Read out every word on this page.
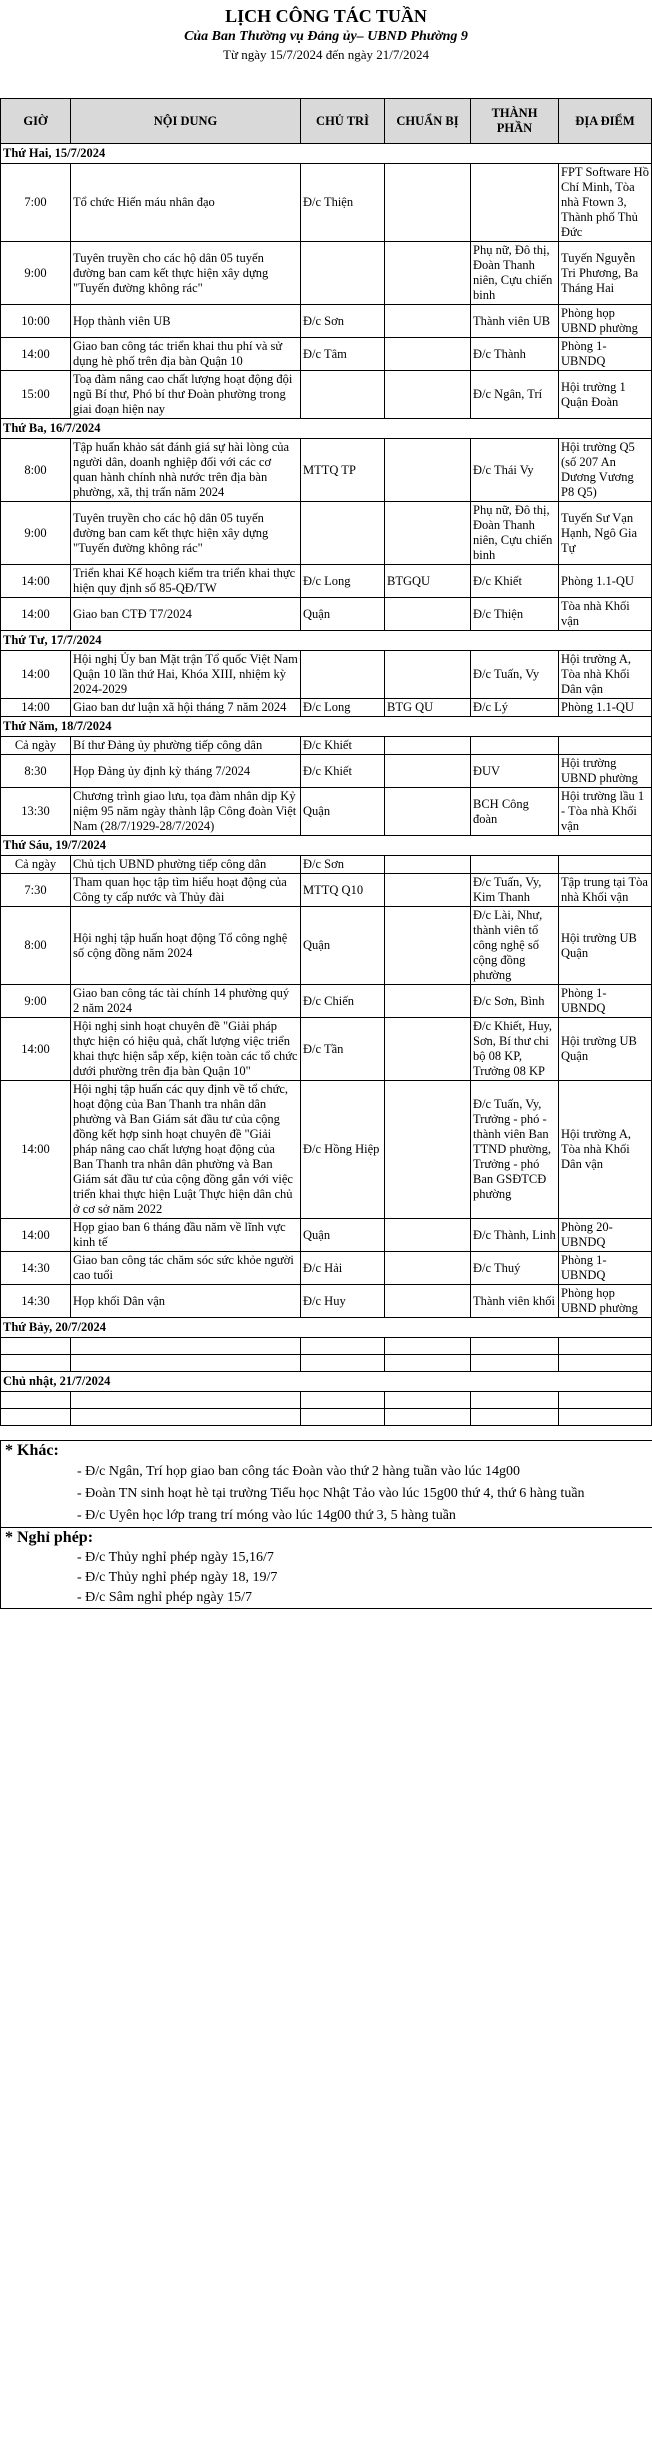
LỊCH CÔNG TÁC TUẦN
Của Ban Thường vụ Đảng ủy– UBND Phường 9
Từ ngày 15/7/2024 đến ngày 21/7/2024
GIỜ	NỘI DUNG	CHỦ TRÌ	CHUẨN BỊ	THÀNH PHẦN	ĐỊA ĐIỂM
Thứ Hai, 15/7/2024					
7:00	Tổ chức Hiến máu nhân đạo	Đ/c Thiện			FPT Software Hồ Chí Minh, Tòa nhà Ftown 3, Thành phố Thủ Đức
9:00	Tuyên truyền cho các hộ dân 05 tuyến đường ban cam kết thực hiện xây dựng "Tuyến đường không rác"			Phụ nữ, Đô thị, Đoàn Thanh niên, Cựu chiến binh	Tuyến Nguyễn Tri Phương, Ba Tháng Hai
10:00	Họp thành viên UB	Đ/c Sơn		Thành viên UB	Phòng họp UBND phường
14:00	Giao ban công tác triển khai thu phí và sử dụng hè phố trên địa bàn Quận 10	Đ/c Tâm		Đ/c Thành	Phòng 1-UBNDQ
15:00	Toạ đàm nâng cao chất lượng hoạt động đội ngũ Bí thư, Phó bí thư Đoàn phường trong giai đoạn hiện nay			Đ/c Ngân, Trí	Hội trường 1 Quận Đoàn
Thứ Ba, 16/7/2024					
8:00	Tập huấn khảo sát đánh giá sự hài lòng của người dân, doanh nghiệp đối với các cơ quan hành chính nhà nước trên địa bàn phường, xã, thị trấn năm 2024	MTTQ TP		Đ/c Thái Vy	Hội trường Q5 (số 207 An Dương Vương P8 Q5)
9:00	Tuyên truyền cho các hộ dân 05 tuyến đường ban cam kết thực hiện xây dựng "Tuyến đường không rác"			Phụ nữ, Đô thị, Đoàn Thanh niên, Cựu chiến binh	Tuyến Sư Vạn Hạnh, Ngô Gia Tự
14:00	Triển khai Kế hoạch kiểm tra triển khai thực hiện quy định số 85-QĐ/TW	Đ/c Long	BTGQU	Đ/c Khiết	Phòng 1.1-QU
14:00	Giao ban CTĐ T7/2024	Quận		Đ/c Thiện	Tòa nhà Khối vận
Thứ Tư, 17/7/2024					
14:00	Hội nghị Ủy ban Mặt trận Tổ quốc Việt Nam Quận 10 lần thứ Hai, Khóa XIII, nhiệm kỳ 2024-2029			Đ/c Tuấn, Vy	Hội trường A, Tòa nhà Khối Dân vận
14:00	Giao ban dư luận xã hội tháng 7 năm 2024	Đ/c Long	BTG QU	Đ/c Lý	Phòng 1.1-QU
Thứ Năm, 18/7/2024					
Cả ngày	Bí thư Đảng ủy phường tiếp công dân	Đ/c Khiết			
8:30	Họp Đảng ủy định kỳ tháng 7/2024	Đ/c Khiết		ĐUV	Hội trường UBND phường
13:30	Chương trình giao lưu, tọa đàm nhân dịp Kỷ niệm 95 năm ngày thành lập Công đoàn Việt Nam (28/7/1929-28/7/2024)	Quận		BCH Công đoàn	Hội trường lầu 1 - Tòa nhà Khối vận
Thứ Sáu, 19/7/2024					
Cả ngày	Chủ tịch UBND phường tiếp công dân	Đ/c Sơn			
7:30	Tham quan học tập tìm hiểu hoạt động của Công ty cấp nước và Thủy đài	MTTQ Q10		Đ/c Tuấn, Vy, Kim Thanh	Tập trung tại Tòa nhà Khối vận
8:00	Hội nghị tập huấn hoạt động Tổ công nghệ số cộng đồng năm 2024	Quận		Đ/c Lài, Như, thành viên tổ công nghệ số cộng đồng phường	Hội trường UB Quận
9:00	Giao ban công tác tài chính 14 phường quý 2 năm 2024	Đ/c Chiến		Đ/c Sơn, Bình	Phòng 1-UBNDQ
14:00	Hội nghị sinh hoạt chuyên đề "Giải pháp thực hiện có hiệu quả, chất lượng việc triển khai thực hiện sắp xếp, kiện toàn các tổ chức dưới phường trên địa bàn Quận 10"	Đ/c Tần		Đ/c Khiết, Huy, Sơn, Bí thư chi bộ 08 KP, Trưởng 08 KP	Hội trường UB Quận
14:00	Hội nghị tập huấn các quy định về tổ chức, hoạt động của Ban Thanh tra nhân dân phường và Ban Giám sát đầu tư của cộng đồng kết hợp sinh hoạt chuyên đề "Giải pháp nâng cao chất lượng hoạt động của Ban Thanh tra nhân dân phường và Ban Giám sát đầu tư của cộng đồng gắn với việc triển khai thực hiện Luật Thực hiện dân chủ ở cơ sở năm 2022	Đ/c Hồng Hiệp		Đ/c Tuấn, Vy, Trưởng - phó - thành viên Ban TTND phường, Trưởng - phó Ban GSĐTCĐ phường	Hội trường A, Tòa nhà Khối Dân vận
14:00	Họp giao ban 6 tháng đầu năm về lĩnh vực kinh tế	Quận		Đ/c Thành, Linh	Phòng 20-UBNDQ
14:30	Giao ban công tác chăm sóc sức khỏe người cao tuổi	Đ/c Hải		Đ/c Thuý	Phòng 1-UBNDQ
14:30	Họp khối Dân vận	Đ/c Huy		Thành viên khối	Phòng họp UBND phường
Thứ Bảy, 20/7/2024					

Chủ nhật, 21/7/2024					

* Khác:
- Đ/c Ngân, Trí họp giao ban công tác Đoàn vào thứ 2 hàng tuần vào lúc 14g00
- Đoàn TN sinh hoạt hè tại trường Tiểu học Nhật Tảo vào lúc 15g00 thứ 4, thứ 6 hàng tuần
- Đ/c Uyên học lớp trang trí móng vào lúc 14g00 thứ 3, 5 hàng tuần
* Nghỉ phép:
- Đ/c Thủy nghỉ phép ngày 15,16/7
- Đ/c Thủy nghỉ phép ngày 18, 19/7
- Đ/c Sâm nghỉ phép ngày 15/7
